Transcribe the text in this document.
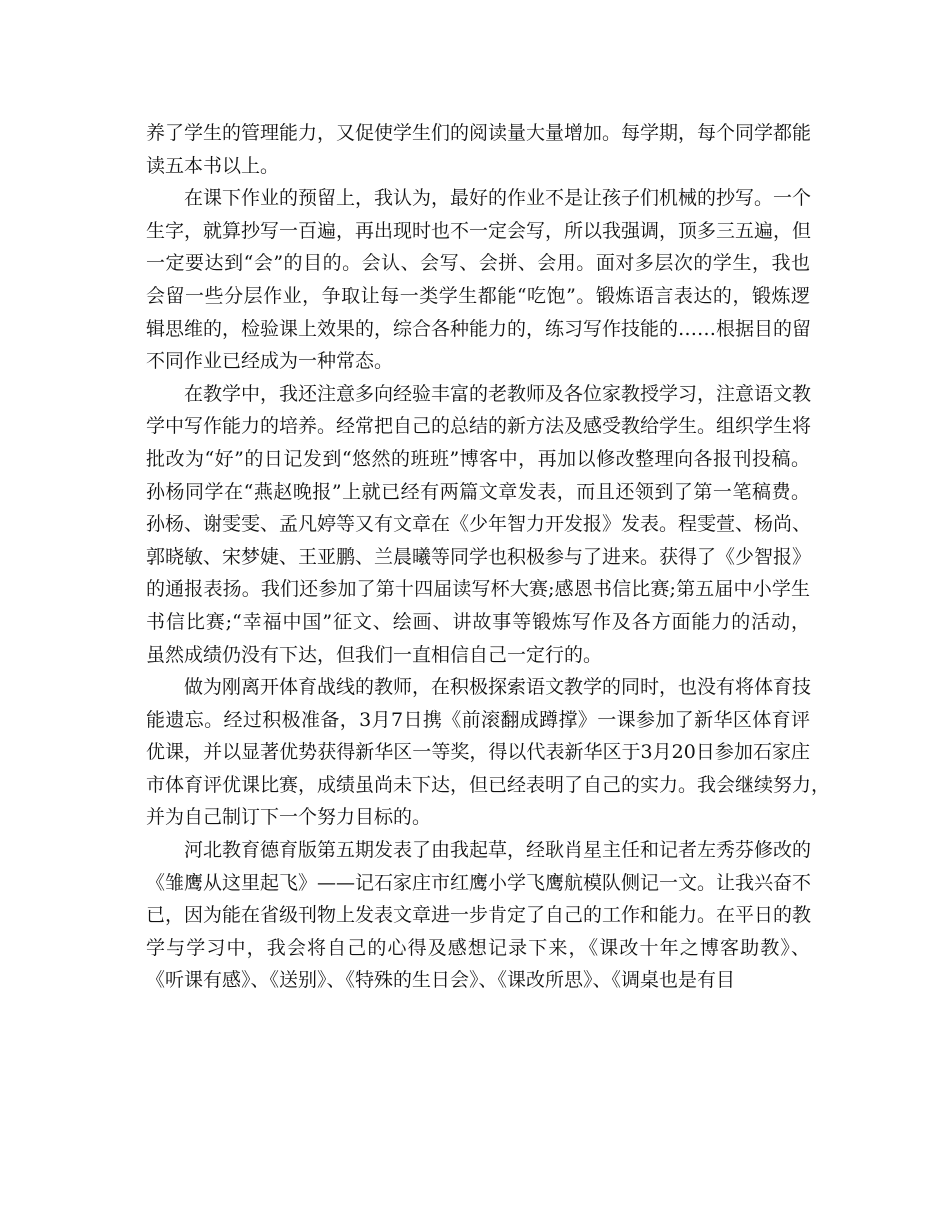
养了学生的管理能力，又促使学生们的阅读量大量增加。每学期，每个同学都能
读五本书以上。
在课下作业的预留上，我认为，最好的作业不是让孩子们机械的抄写。一个
生字，就算抄写一百遍，再出现时也不一定会写，所以我强调，顶多三五遍，但
一定要达到“会”的目的。会认、会写、会拼、会用。面对多层次的学生，我也
会留一些分层作业，争取让每一类学生都能“吃饱”。锻炼语言表达的，锻炼逻
辑思维的，检验课上效果的，综合各种能力的，练习写作技能的……根据目的留
不同作业已经成为一种常态。
在教学中，我还注意多向经验丰富的老教师及各位家教授学习，注意语文教
学中写作能力的培养。经常把自己的总结的新方法及感受教给学生。组织学生将
批改为“好”的日记发到“悠然的班班”博客中，再加以修改整理向各报刊投稿。
孙杨同学在“燕赵晚报”上就已经有两篇文章发表，而且还领到了第一笔稿费。
孙杨、谢雯雯、孟凡婷等又有文章在《少年智力开发报》发表。程雯萱、杨尚、
郭晓敏、宋梦婕、王亚鹏、兰晨曦等同学也积极参与了进来。获得了《少智报》
的通报表扬。我们还参加了第十四届读写杯大赛;感恩书信比赛;第五届中小学生
书信比赛;“幸福中国”征文、绘画、讲故事等锻炼写作及各方面能力的活动，
虽然成绩仍没有下达，但我们一直相信自己一定行的。
做为刚离开体育战线的教师，在积极探索语文教学的同时，也没有将体育技
能遗忘。经过积极准备，3月7日携《前滚翻成蹲撑》一课参加了新华区体育评
优课，并以显著优势获得新华区一等奖，得以代表新华区于3月20日参加石家庄
市体育评优课比赛，成绩虽尚未下达，但已经表明了自己的实力。我会继续努力，
并为自己制订下一个努力目标的。
河北教育德育版第五期发表了由我起草，经耿肖星主任和记者左秀芬修改的
《雏鹰从这里起飞》——记石家庄市红鹰小学飞鹰航模队侧记一文。让我兴奋不
已，因为能在省级刊物上发表文章进一步肯定了自己的工作和能力。在平日的教
学与学习中，我会将自己的心得及感想记录下来，《课改十年之博客助教》、
《听课有感》、《送别》、《特殊的生日会》、《课改所思》、《调桌也是有目
